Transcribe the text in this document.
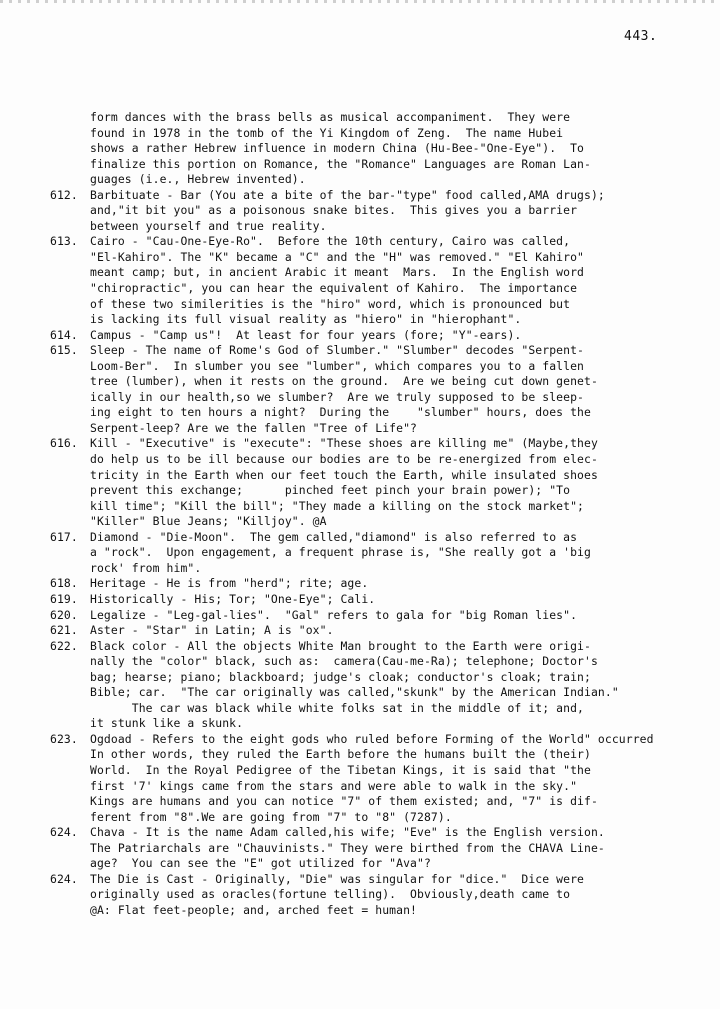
443.
form dances with the brass bells as musical accompaniment.  They were
found in 1978 in the tomb of the Yi Kingdom of Zeng.  The name Hubei
shows a rather Hebrew influence in modern China (Hu-Bee-"One-Eye").  To
finalize this portion on Romance, the "Romance" Languages are Roman Lan-
guages (i.e., Hebrew invented).
612.	Barbituate - Bar (You ate a bite of the bar-"type" food called,AMA drugs);
and,"it bit you" as a poisonous snake bites.  This gives you a barrier
between yourself and true reality.
613.	Cairo - "Cau-One-Eye-Ro".  Before the 10th century, Cairo was called,
"El-Kahiro". The "K" became a "C" and the "H" was removed." "El Kahiro"
meant camp; but, in ancient Arabic it meant  Mars.  In the English word
"chiropractic", you can hear the equivalent of Kahiro.  The importance
of these two similerities is the "hiro" word, which is pronounced but
is lacking its full visual reality as "hiero" in "hierophant".
614.	Campus - "Camp us"!  At least for four years (fore; "Y"-ears).
615.	Sleep - The name of Rome's God of Slumber." "Slumber" decodes "Serpent-
Loom-Ber".  In slumber you see "lumber", which compares you to a fallen
tree (lumber), when it rests on the ground.  Are we being cut down genet-
ically in our health,so we slumber?  Are we truly supposed to be sleep-
ing eight to ten hours a night?  During the    "slumber" hours, does the
Serpent-leep? Are we the fallen "Tree of Life"?
616.	Kill - "Executive" is "execute": "These shoes are killing me" (Maybe,they
do help us to be ill because our bodies are to be re-energized from elec-
tricity in the Earth when our feet touch the Earth, while insulated shoes
prevent this exchange;      pinched feet pinch your brain power); "To
kill time"; "Kill the bill"; "They made a killing on the stock market";
"Killer" Blue Jeans; "Killjoy". @A
617.	Diamond - "Die-Moon".  The gem called,"diamond" is also referred to as
a "rock".  Upon engagement, a frequent phrase is, "She really got a 'big
rock' from him".
618.	Heritage - He is from "herd"; rite; age.
619.	Historically - His; Tor; "One-Eye"; Cali.
620.	Legalize - "Leg-gal-lies".  "Gal" refers to gala for "big Roman lies".
621.	Aster - "Star" in Latin; A is "ox".
622.	Black color - All the objects White Man brought to the Earth were origi-
nally the "color" black, such as:  camera(Cau-me-Ra); telephone; Doctor's
bag; hearse; piano; blackboard; judge's cloak; conductor's cloak; train;
Bible; car.  "The car originally was called,"skunk" by the American Indian."
The car was black while white folks sat in the middle of it; and,
it stunk like a skunk.
623.	Ogdoad - Refers to the eight gods who ruled before Forming of the World" occurred
In other words, they ruled the Earth before the humans built the (their)
World.  In the Royal Pedigree of the Tibetan Kings, it is said that "the
first '7' kings came from the stars and were able to walk in the sky."
Kings are humans and you can notice "7" of them existed; and, "7" is dif-
ferent from "8".We are going from "7" to "8" (7287).
624.	Chava - It is the name Adam called,his wife; "Eve" is the English version.
The Patriarchals are "Chauvinists." They were birthed from the CHAVA Line-
age?  You can see the "E" got utilized for "Ava"?
624.	The Die is Cast - Originally, "Die" was singular for "dice."  Dice were
originally used as oracles(fortune telling).  Obviously,death came to
@A: Flat feet-people; and, arched feet = human!
